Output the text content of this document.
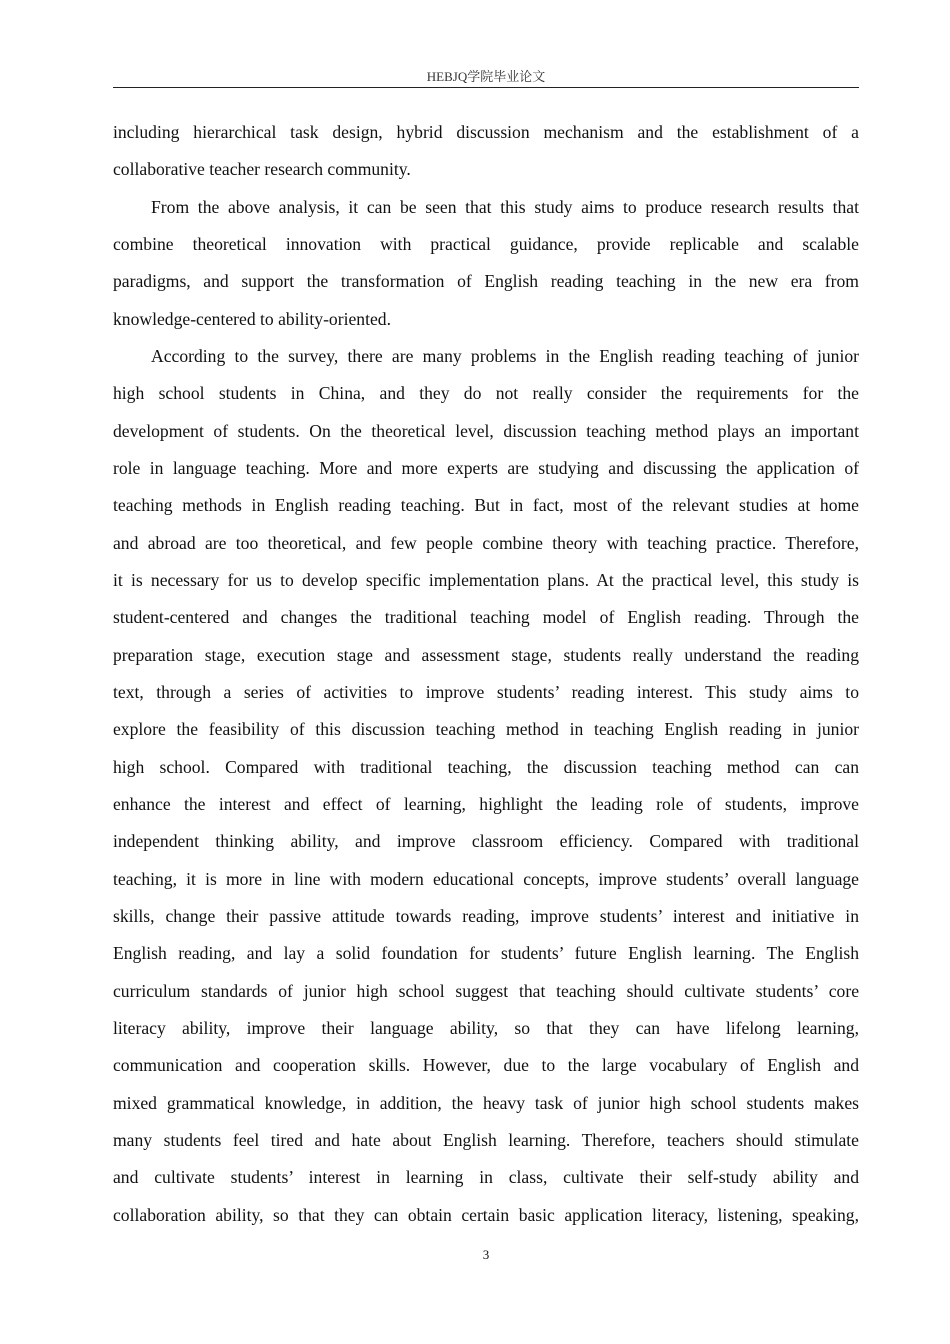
HEBJQ学院毕业论文
including hierarchical task design, hybrid discussion mechanism and the establishment of a
collaborative teacher research community.
From the above analysis, it can be seen that this study aims to produce research results that
combine theoretical innovation with practical guidance, provide replicable and scalable
paradigms, and support the transformation of English reading teaching in the new era from
knowledge-centered to ability-oriented.
According to the survey, there are many problems in the English reading teaching of junior
high school students in China, and they do not really consider the requirements for the
development of students. On the theoretical level, discussion teaching method plays an important
role in language teaching. More and more experts are studying and discussing the application of
teaching methods in English reading teaching. But in fact, most of the relevant studies at home
and abroad are too theoretical, and few people combine theory with teaching practice. Therefore,
it is necessary for us to develop specific implementation plans. At the practical level, this study is
student-centered and changes the traditional teaching model of English reading. Through the
preparation stage, execution stage and assessment stage, students really understand the reading
text, through a series of activities to improve students’ reading interest. This study aims to
explore the feasibility of this discussion teaching method in teaching English reading in junior
high school. Compared with traditional teaching, the discussion teaching method can can
enhance the interest and effect of learning, highlight the leading role of students, improve
independent thinking ability, and improve classroom efficiency. Compared with traditional
teaching, it is more in line with modern educational concepts, improve students’ overall language
skills, change their passive attitude towards reading, improve students’ interest and initiative in
English reading, and lay a solid foundation for students’ future English learning. The English
curriculum standards of junior high school suggest that teaching should cultivate students’ core
literacy ability, improve their language ability, so that they can have lifelong learning,
communication and cooperation skills. However, due to the large vocabulary of English and
mixed grammatical knowledge, in addition, the heavy task of junior high school students makes
many students feel tired and hate about English learning. Therefore, teachers should stimulate
and cultivate students’ interest in learning in class, cultivate their self-study ability and
collaboration ability, so that they can obtain certain basic application literacy, listening, speaking,
3
